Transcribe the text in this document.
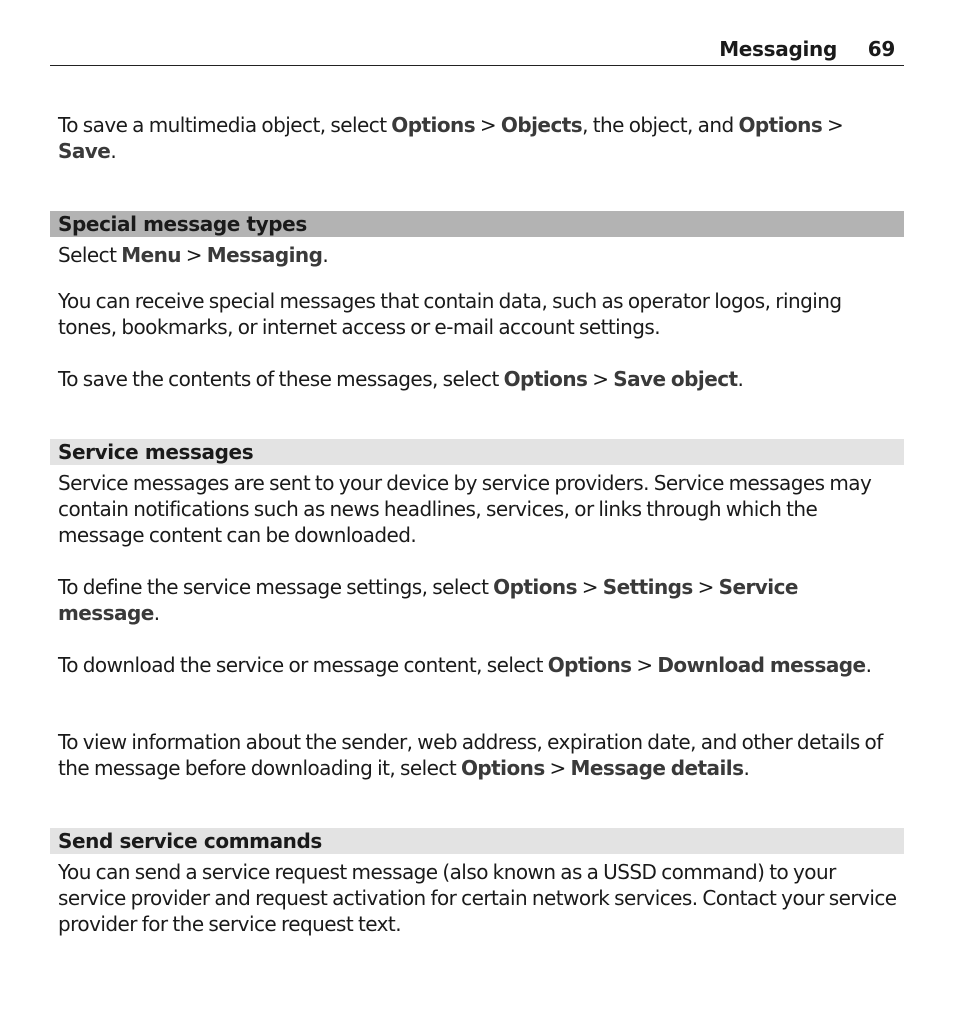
Messaging 69

To save a multimedia object, select Options > Objects, the object, and Options > Save.

Special message types

Select Menu > Messaging.

You can receive special messages that contain data, such as operator logos, ringing tones, bookmarks, or internet access or e-mail account settings.

To save the contents of these messages, select Options > Save object.

Service messages

Service messages are sent to your device by service providers. Service messages may contain notifications such as news headlines, services, or links through which the message content can be downloaded.

To define the service message settings, select Options > Settings > Service message.

To download the service or message content, select Options > Download message.

To view information about the sender, web address, expiration date, and other details of the message before downloading it, select Options > Message details.

Send service commands

You can send a service request message (also known as a USSD command) to your service provider and request activation for certain network services. Contact your service provider for the service request text.
